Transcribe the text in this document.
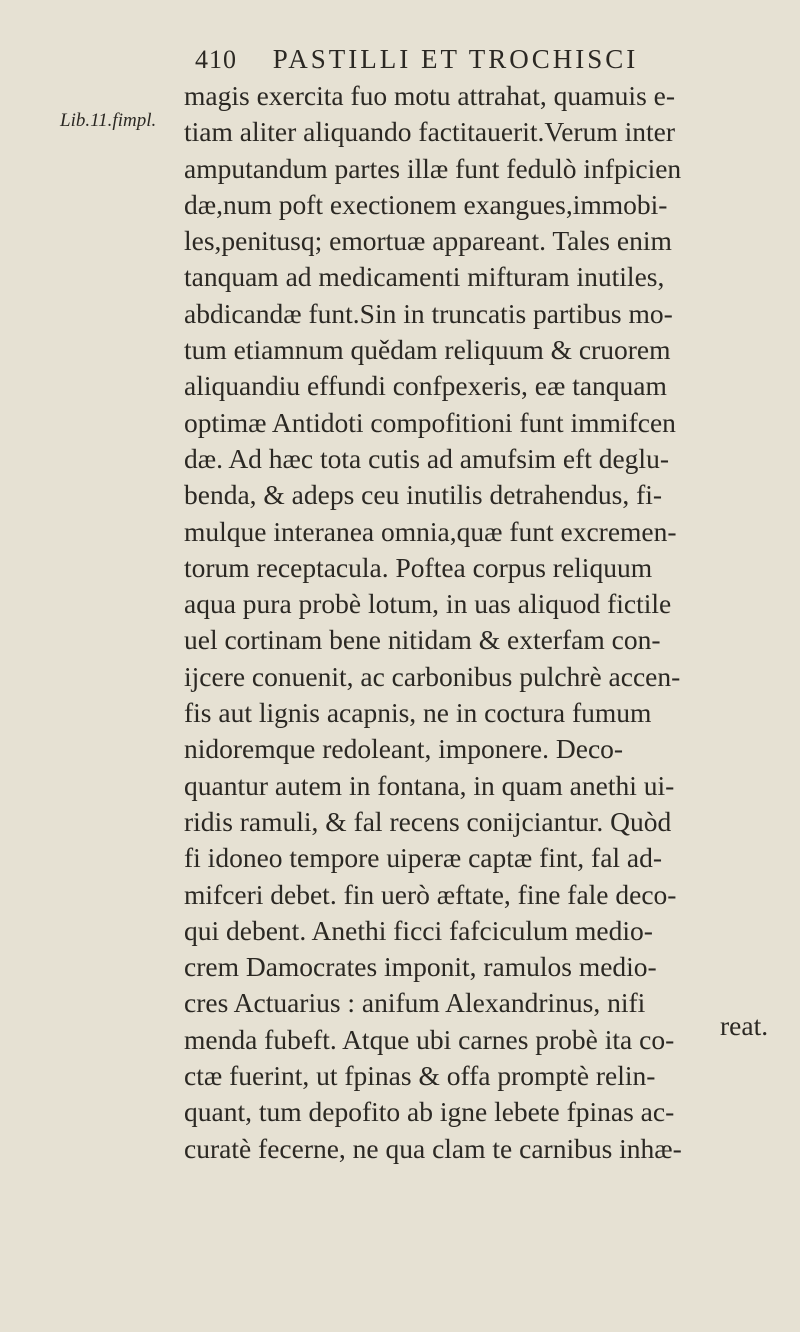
410 PASTILLI ET TROCHISCI
Lib.11.fimpl.
magis exercita fuo motu attrahat, quamuis e-
tiam aliter aliquando factitauerit.Verum inter
amputandum partes illæ funt fedulò infpicien
dæ,num poft exectionem exangues,immobi-
les,penitusq; emortuæ appareant. Tales enim
tanquam ad medicamenti mifturam inutiles,
abdicandæ funt.Sin in truncatis partibus mo-
tum etiamnum quědam reliquum & cruorem
aliquandiu effundi confpexeris, eæ tanquam
optimæ Antidoti compofitioni funt immifcen
dæ. Ad hæc tota cutis ad amufsim eft deglu-
benda, & adeps ceu inutilis detrahendus, fi-
mulque interanea omnia,quæ funt excremen-
torum receptacula. Poftea corpus reliquum
aqua pura probè lotum, in uas aliquod fictile
uel cortinam bene nitidam & exterfam con-
ijcere conuenit, ac carbonibus pulchrè accen-
fis aut lignis acapnis, ne in coctura fumum
nidoremque redoleant, imponere. Deco-
quantur autem in fontana, in quam anethi ui-
ridis ramuli, & fal recens conijciantur. Quòd
fi idoneo tempore uiperæ captæ fint, fal ad-
mifceri debet. fin uerò æftate, fine fale deco-
qui debent. Anethi ficci fafciculum medio-
crem Damocrates imponit, ramulos medio-
cres Actuarius : anifum Alexandrinus, nifi
menda fubeft. Atque ubi carnes probè ita co-
ctæ fuerint, ut fpinas & offa promptè relin-
quant, tum depofito ab igne lebete fpinas ac-
curatè fecerne, ne qua clam te carnibus inhæ-
reat.
